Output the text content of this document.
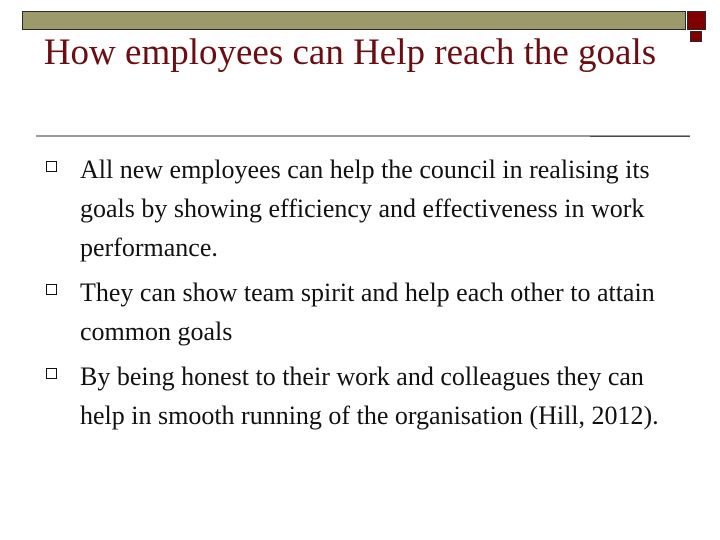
How employees can Help reach the goals
All new employees can help the council in realising its goals by showing efficiency and effectiveness in work performance.
They can show team spirit and help each other to attain common goals
By being honest to their work and colleagues they can help in smooth running of the organisation (Hill, 2012).
